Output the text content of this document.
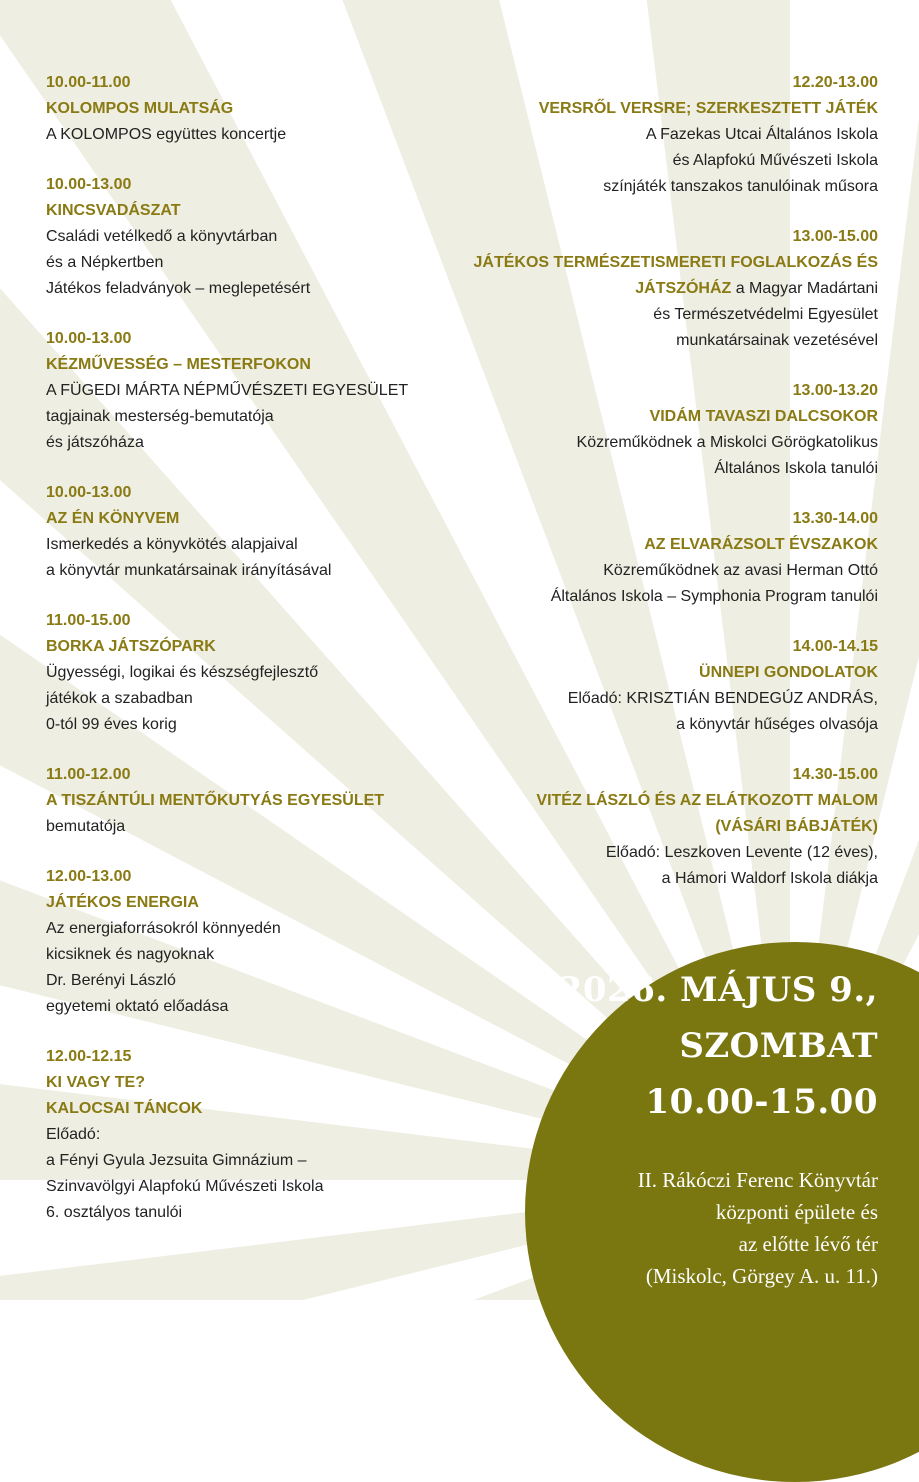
10.00-11.00
KOLOMPOS MULATSÁG
A KOLOMPOS együttes koncertje
10.00-13.00
KINCSVADÁSZAT
Családi vetélkedő a könyvtárban
és a Népkertben
Játékos feladványok – meglepetésért
10.00-13.00
KÉZMŰVESSÉG – MESTERFOKON
A FÜGEDI MÁRTA NÉPMŰVÉSZETI EGYESÜLET
tagjainak mesterség-bemutatója
és játszóháza
10.00-13.00
AZ ÉN KÖNYVEM
Ismerkedés a könyvkötés alapjaival
a könyvtár munkatársainak irányításával
11.00-15.00
BORKA JÁTSZÓPARK
Ügyességi, logikai és készségfejlesztő
játékok a szabadban
0-tól 99 éves korig
11.00-12.00
A TISZÁNTÚLI MENTŐKUTYÁS EGYESÜLET
bemutatója
12.00-13.00
JÁTÉKOS ENERGIA
Az energiaforrásokról könnyedén
kicsiknek és nagyoknak
Dr. Berényi László
egyetemi oktató előadása
12.00-12.15
KI VAGY TE?
KALOCSAI TÁNCOK
Előadó:
a Fényi Gyula Jezsuita Gimnázium –
Szinvavölgyi Alapfokú Művészeti Iskola
6. osztályos tanulói
12.20-13.00
VERSRŐL VERSRE; SZERKESZTETT JÁTÉK
A Fazekas Utcai Általános Iskola
és Alapfokú Művészeti Iskola
színjáték tanszakos tanulóinak műsora
13.00-15.00
JÁTÉKOS TERMÉSZETISMERETI FOGLALKOZÁS ÉS
JÁTSZÓHÁZ a Magyar Madártani
és Természetvédelmi Egyesület
munkatársainak vezetésével
13.00-13.20
VIDÁM TAVASZI DALCSOKOR
Közreműködnek a Miskolci Görögkatolikus
Általános Iskola tanulói
13.30-14.00
AZ ELVARÁZSOLT ÉVSZAKOK
Közreműködnek az avasi Herman Ottó
Általános Iskola – Symphonia Program tanulói
14.00-14.15
ÜNNEPI GONDOLATOK
Előadó: KRISZTIÁN BENDEGÚZ ANDRÁS,
a könyvtár hűséges olvasója
14.30-15.00
VITÉZ LÁSZLÓ ÉS AZ ELÁTKOZOTT MALOM
(VÁSÁRI BÁBJÁTÉK)
Előadó: Leszkoven Levente (12 éves),
a Hámori Waldorf Iskola diákja
2026. MÁJUS 9.,
SZOMBAT
10.00-15.00
II. Rákóczi Ferenc Könyvtár
központi épülete és
az előtte lévő tér
(Miskolc, Görgey A. u. 11.)
